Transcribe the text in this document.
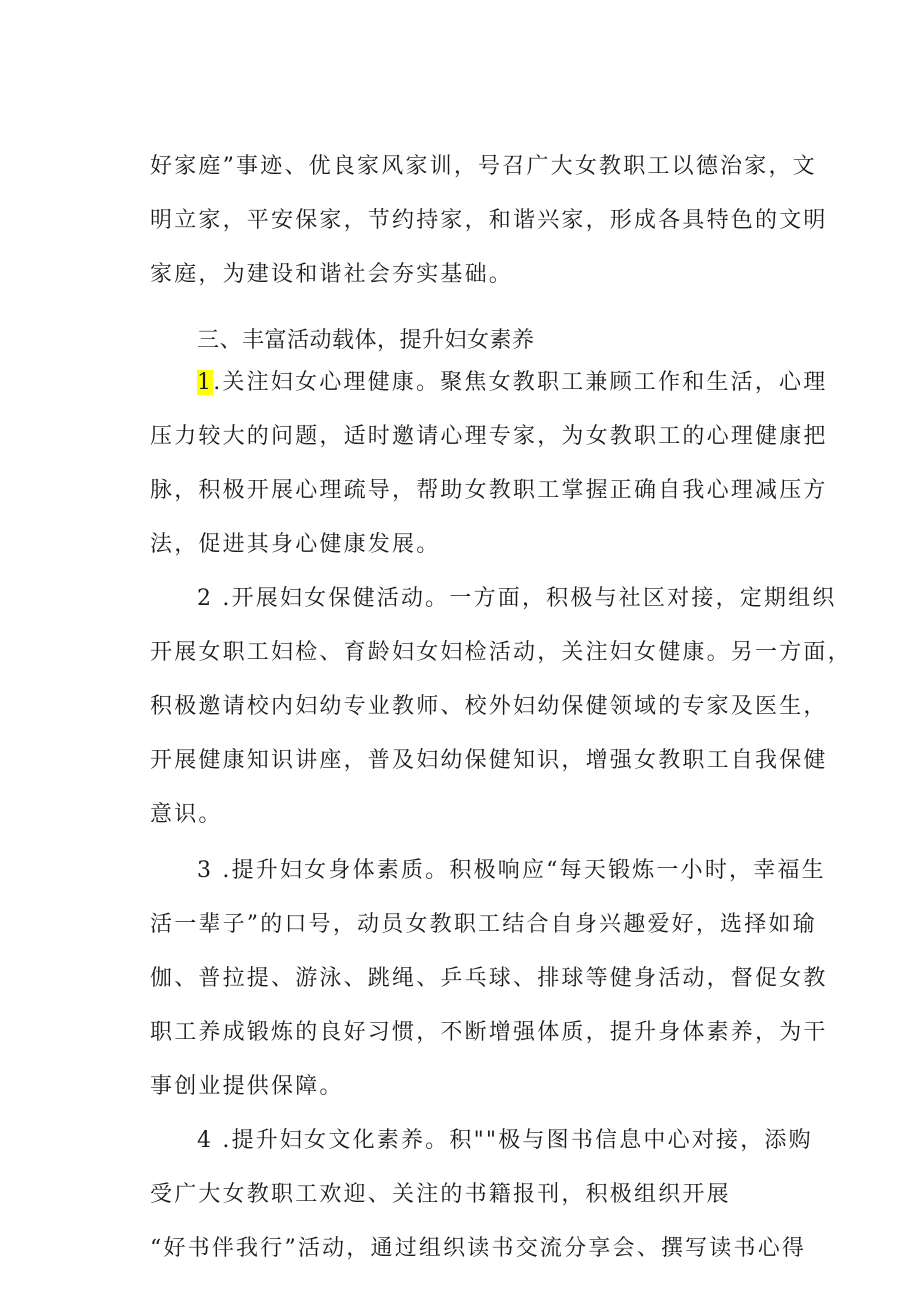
好家庭”事迹、优良家风家训，号召广大女教职工以德治家，文
明立家，平安保家，节约持家，和谐兴家，形成各具特色的文明
家庭，为建设和谐社会夯实基础。
三、丰富活动载体，提升妇女素养
1.关注妇女心理健康。聚焦女教职工兼顾工作和生活，心理
压力较大的问题，适时邀请心理专家，为女教职工的心理健康把
脉，积极开展心理疏导，帮助女教职工掌握正确自我心理减压方
法，促进其身心健康发展。
2 .开展妇女保健活动。一方面，积极与社区对接，定期组织
开展女职工妇检、育龄妇女妇检活动，关注妇女健康。另一方面，
积极邀请校内妇幼专业教师、校外妇幼保健领域的专家及医生，
开展健康知识讲座，普及妇幼保健知识，增强女教职工自我保健
意识。
3 .提升妇女身体素质。积极响应“每天锻炼一小时，幸福生
活一辈子”的口号，动员女教职工结合自身兴趣爱好，选择如瑜
伽、普拉提、游泳、跳绳、乒乓球、排球等健身活动，督促女教
职工养成锻炼的良好习惯，不断增强体质，提升身体素养，为干
事创业提供保障。
4 .提升妇女文化素养。积""极与图书信息中心对接，添购
受广大女教职工欢迎、关注的书籍报刊，积极组织开展
“好书伴我行”活动，通过组织读书交流分享会、撰写读书心得
